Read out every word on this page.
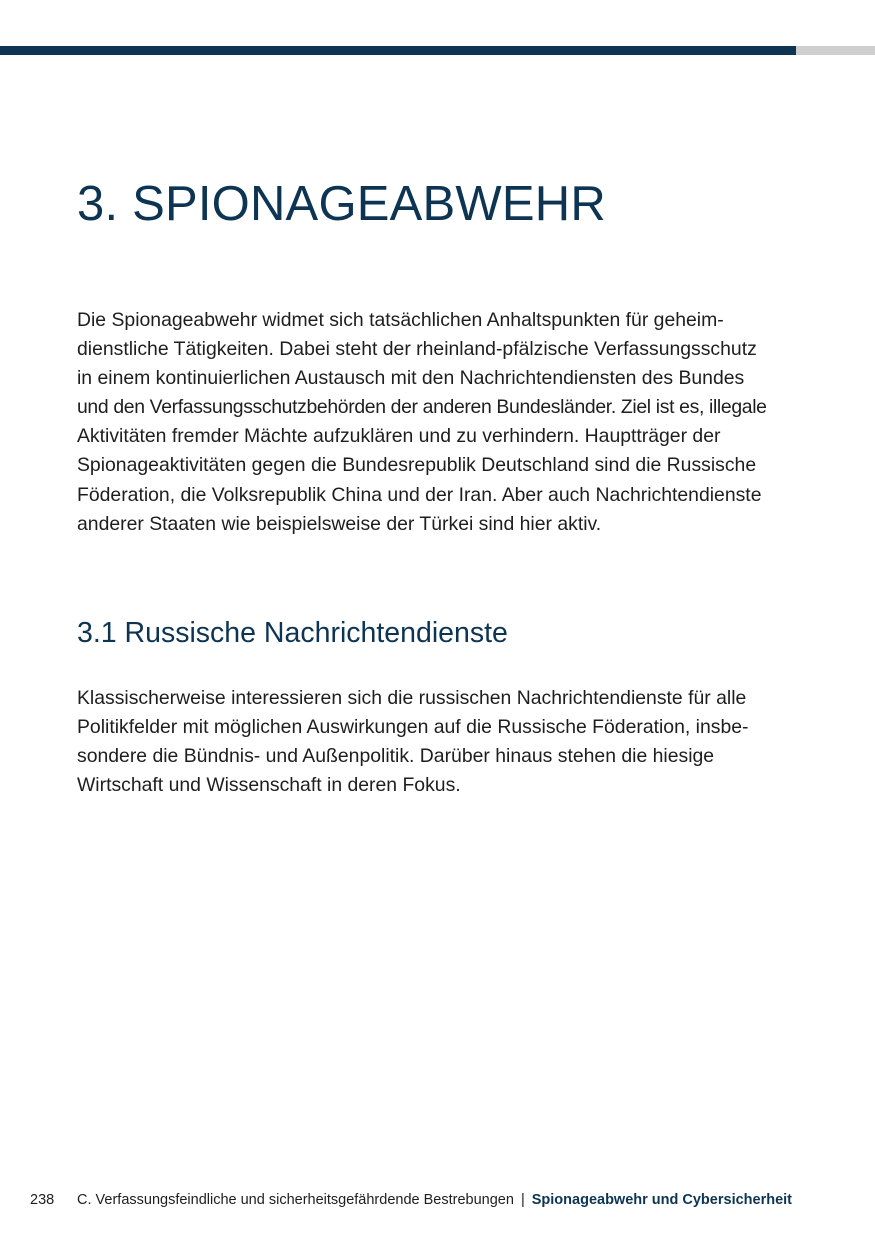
3. SPIONAGEABWEHR

Die Spionageabwehr widmet sich tatsächlichen Anhaltspunkten für geheim-
dienstliche Tätigkeiten. Dabei steht der rheinland-pfälzische Verfassungsschutz
in einem kontinuierlichen Austausch mit den Nachrichtendiensten des Bundes
und den Verfassungsschutzbehörden der anderen Bundesländer. Ziel ist es, illegale
Aktivitäten fremder Mächte aufzuklären und zu verhindern. Hauptträger der
Spionageaktivitäten gegen die Bundesrepublik Deutschland sind die Russische
Föderation, die Volksrepublik China und der Iran. Aber auch Nachrichtendienste
anderer Staaten wie beispielsweise der Türkei sind hier aktiv.

3.1 Russische Nachrichtendienste

Klassischerweise interessieren sich die russischen Nachrichtendienste für alle
Politikfelder mit möglichen Auswirkungen auf die Russische Föderation, insbe-
sondere die Bündnis- und Außenpolitik. Darüber hinaus stehen die hiesige
Wirtschaft und Wissenschaft in deren Fokus.

238 C. Verfassungsfeindliche und sicherheitsgefährdende Bestrebungen | Spionageabwehr und Cybersicherheit
